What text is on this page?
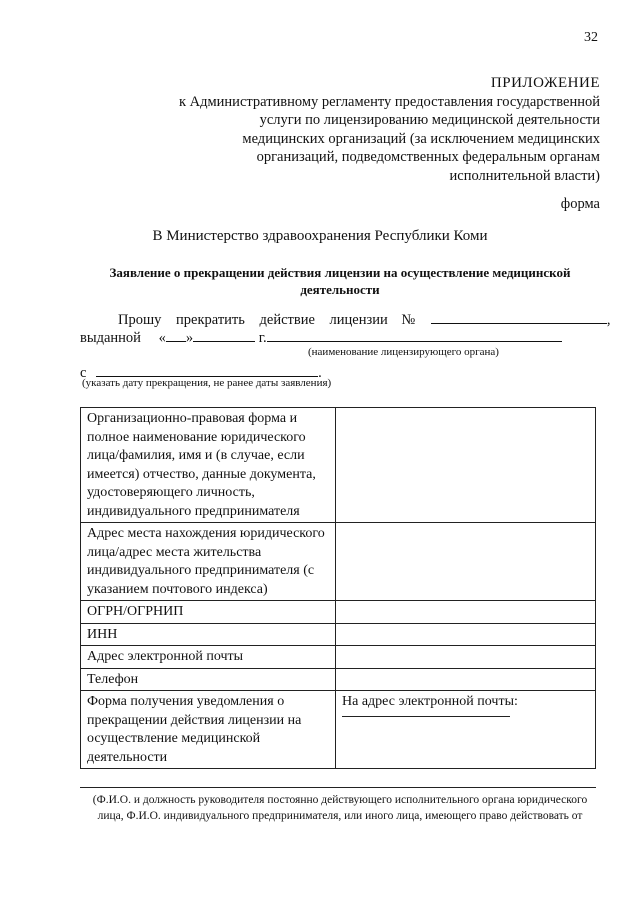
32
ПРИЛОЖЕНИЕ
к Административному регламенту предоставления государственной
услуги по лицензированию медицинской деятельности
медицинских организаций (за исключением медицинских
организаций, подведомственных федеральным органам
исполнительной власти)
форма
В Министерство здравоохранения Республики Коми
Заявление о прекращении действия лицензии на осуществление медицинской
деятельности
Прошу прекратить действие лицензии №	,
выданной « »	г.
(наименование лицензирующего органа)
с	.
(указать дату прекращения, не ранее даты заявления)
Организационно-правовая форма и полное наименование юридического лица/фамилия, имя и (в случае, если имеется) отчество, данные документа, удостоверяющего личность, индивидуального предпринимателя	
Адрес места нахождения юридического лица/адрес места жительства индивидуального предпринимателя (с указанием почтового индекса)	
ОГРН/ОГРНИП	
ИНН	
Адрес электронной почты	
Телефон	
Форма получения уведомления о прекращении действия лицензии на осуществление медицинской деятельности	На адрес электронной почты:
(Ф.И.О. и должность руководителя постоянно действующего исполнительного органа юридического
лица, Ф.И.О. индивидуального предпринимателя, или иного лица, имеющего право действовать от
